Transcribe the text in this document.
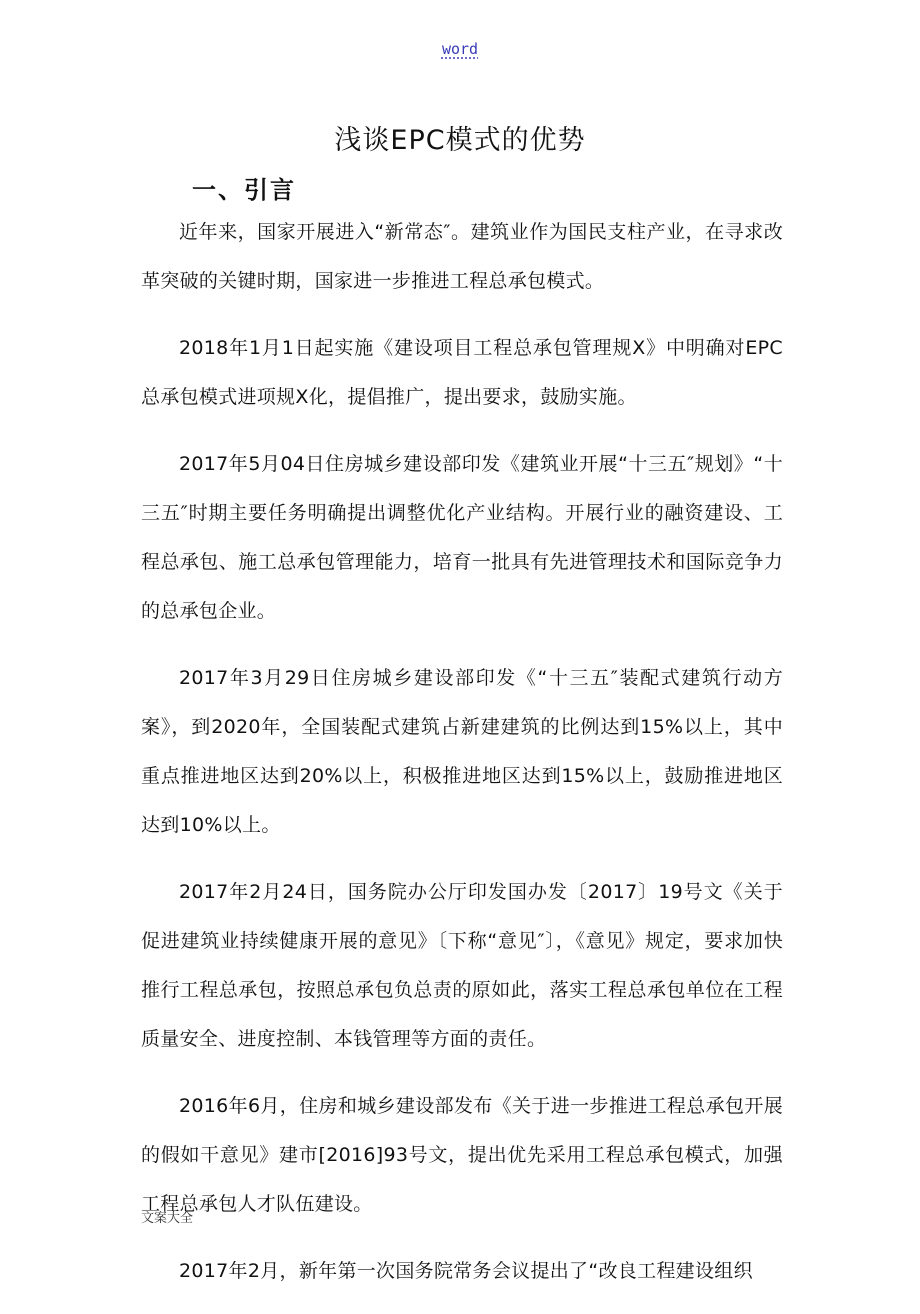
word
浅谈EPC模式的优势
一、引言

近年来，国家开展进入“新常态″。建筑业作为国民支柱产业，在寻求改革突破的关键时期，国家进一步推进工程总承包模式。

2018年1月1日起实施《建设项目工程总承包管理规X》中明确对EPC总承包模式进项规X化，提倡推广，提出要求，鼓励实施。

2017年5月04日住房城乡建设部印发《建筑业开展“十三五″规划》“十三五″时期主要任务明确提出调整优化产业结构。开展行业的融资建设、工程总承包、施工总承包管理能力，培育一批具有先进管理技术和国际竞争力的总承包企业。

2017年3月29日住房城乡建设部印发《“十三五″装配式建筑行动方案》，到2020年，全国装配式建筑占新建建筑的比例达到15%以上，其中重点推进地区达到20%以上，积极推进地区达到15%以上，鼓励推进地区达到10%以上。

2017年2月24日，国务院办公厅印发国办发〔2017〕19号文《关于促进建筑业持续健康开展的意见》〔下称“意见″〕，《意见》规定，要求加快推行工程总承包，按照总承包负总责的原如此，落实工程总承包单位在工程质量安全、进度控制、本钱管理等方面的责任。

2016年6月，住房和城乡建设部发布《关于进一步推进工程总承包开展的假如干意见》建市[2016]93号文，提出优先采用工程总承包模式，加强工程总承包人才队伍建设。

2017年2月，新年第一次国务院常务会议提出了“改良工程建设组织

文案大全
